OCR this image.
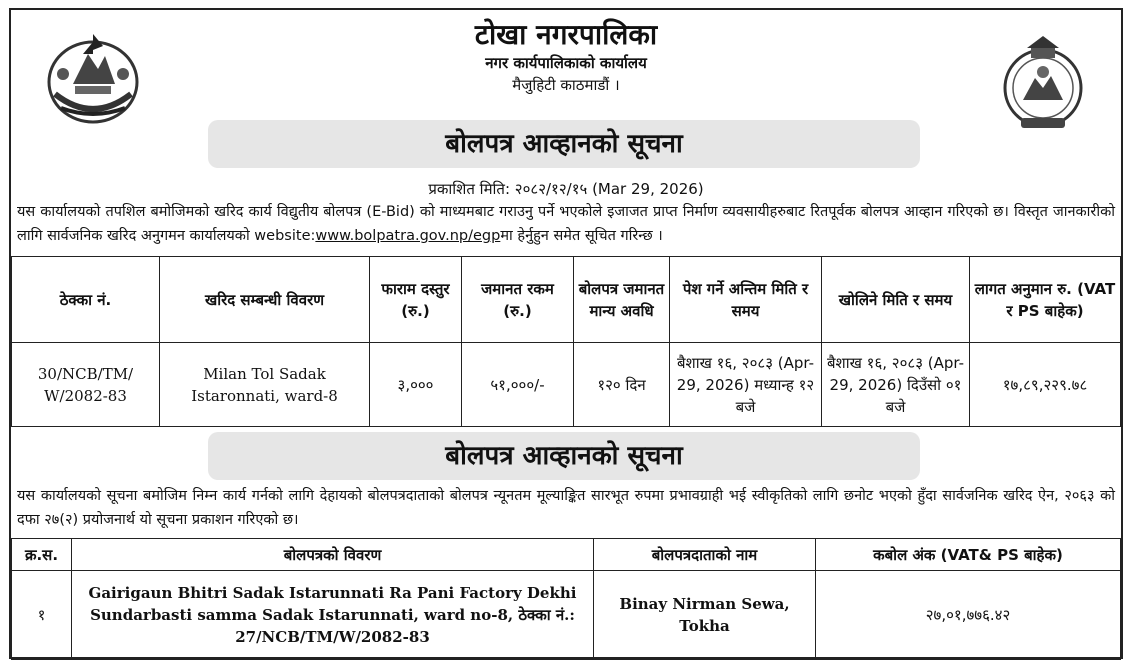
टोखा नगरपालिका
नगर कार्यपालिकाको कार्यालय
मैजुहिटी काठमाडौं ।
बोलपत्र आव्हानको सूचना
प्रकाशित मिति: २०८२/१२/१५ (Mar 29, 2026)
यस कार्यालयको तपशिल बमोजिमको खरिद कार्य विद्युतीय बोलपत्र (E-Bid) को माध्यमबाट गराउनु पर्ने भएकोले इजाजत प्राप्त निर्माण व्यवसायीहरुबाट रितपूर्वक बोलपत्र आव्हान गरिएको छ। विस्तृत जानकारीको लागि सार्वजनिक खरिद अनुगमन कार्यालयको website:www.bolpatra.gov.np/egpमा हेर्नुहुन समेत सूचित गरिन्छ ।
ठेक्का नं.	खरिद सम्बन्धी विवरण	फाराम दस्तुर (रु.)	जमानत रकम (रु.)	बोलपत्र जमानत मान्य अवधि	पेश गर्ने अन्तिम मिति र समय	खोलिने मिति र समय	लागत अनुमान रु. (VAT र PS बाहेक)
30/NCB/TM/ W/2082-83	Milan Tol Sadak Istaronnati, ward-8	३,०००	५१,०००/-	१२० दिन	बैशाख १६, २०८३ (Apr-29, 2026) मध्यान्ह १२ बजे	बैशाख १६, २०८३ (Apr-29, 2026) दिउँसो ०१ बजे	१७,८९,२२९.७८
बोलपत्र आव्हानको सूचना
यस कार्यालयको सूचना बमोजिम निम्न कार्य गर्नको लागि देहायको बोलपत्रदाताको बोलपत्र न्यूनतम मूल्याङ्कित सारभूत रुपमा प्रभावग्राही भई स्वीकृतिको लागि छनोट भएको हुँदा सार्वजनिक खरिद ऐन, २०६३ को दफा २७(२) प्रयोजनार्थ यो सूचना प्रकाशन गरिएको छ।
क्र.स.	बोलपत्रको विवरण	बोलपत्रदाताको नाम	कबोल अंक (VAT& PS बाहेक)
१	Gairigaun Bhitri Sadak Istarunnati Ra Pani Factory Dekhi Sundarbasti samma Sadak Istarunnati, ward no-8, ठेक्का नं.: 27/NCB/TM/W/2082-83	Binay Nirman Sewa, Tokha	२७,०१,७७६.४२
